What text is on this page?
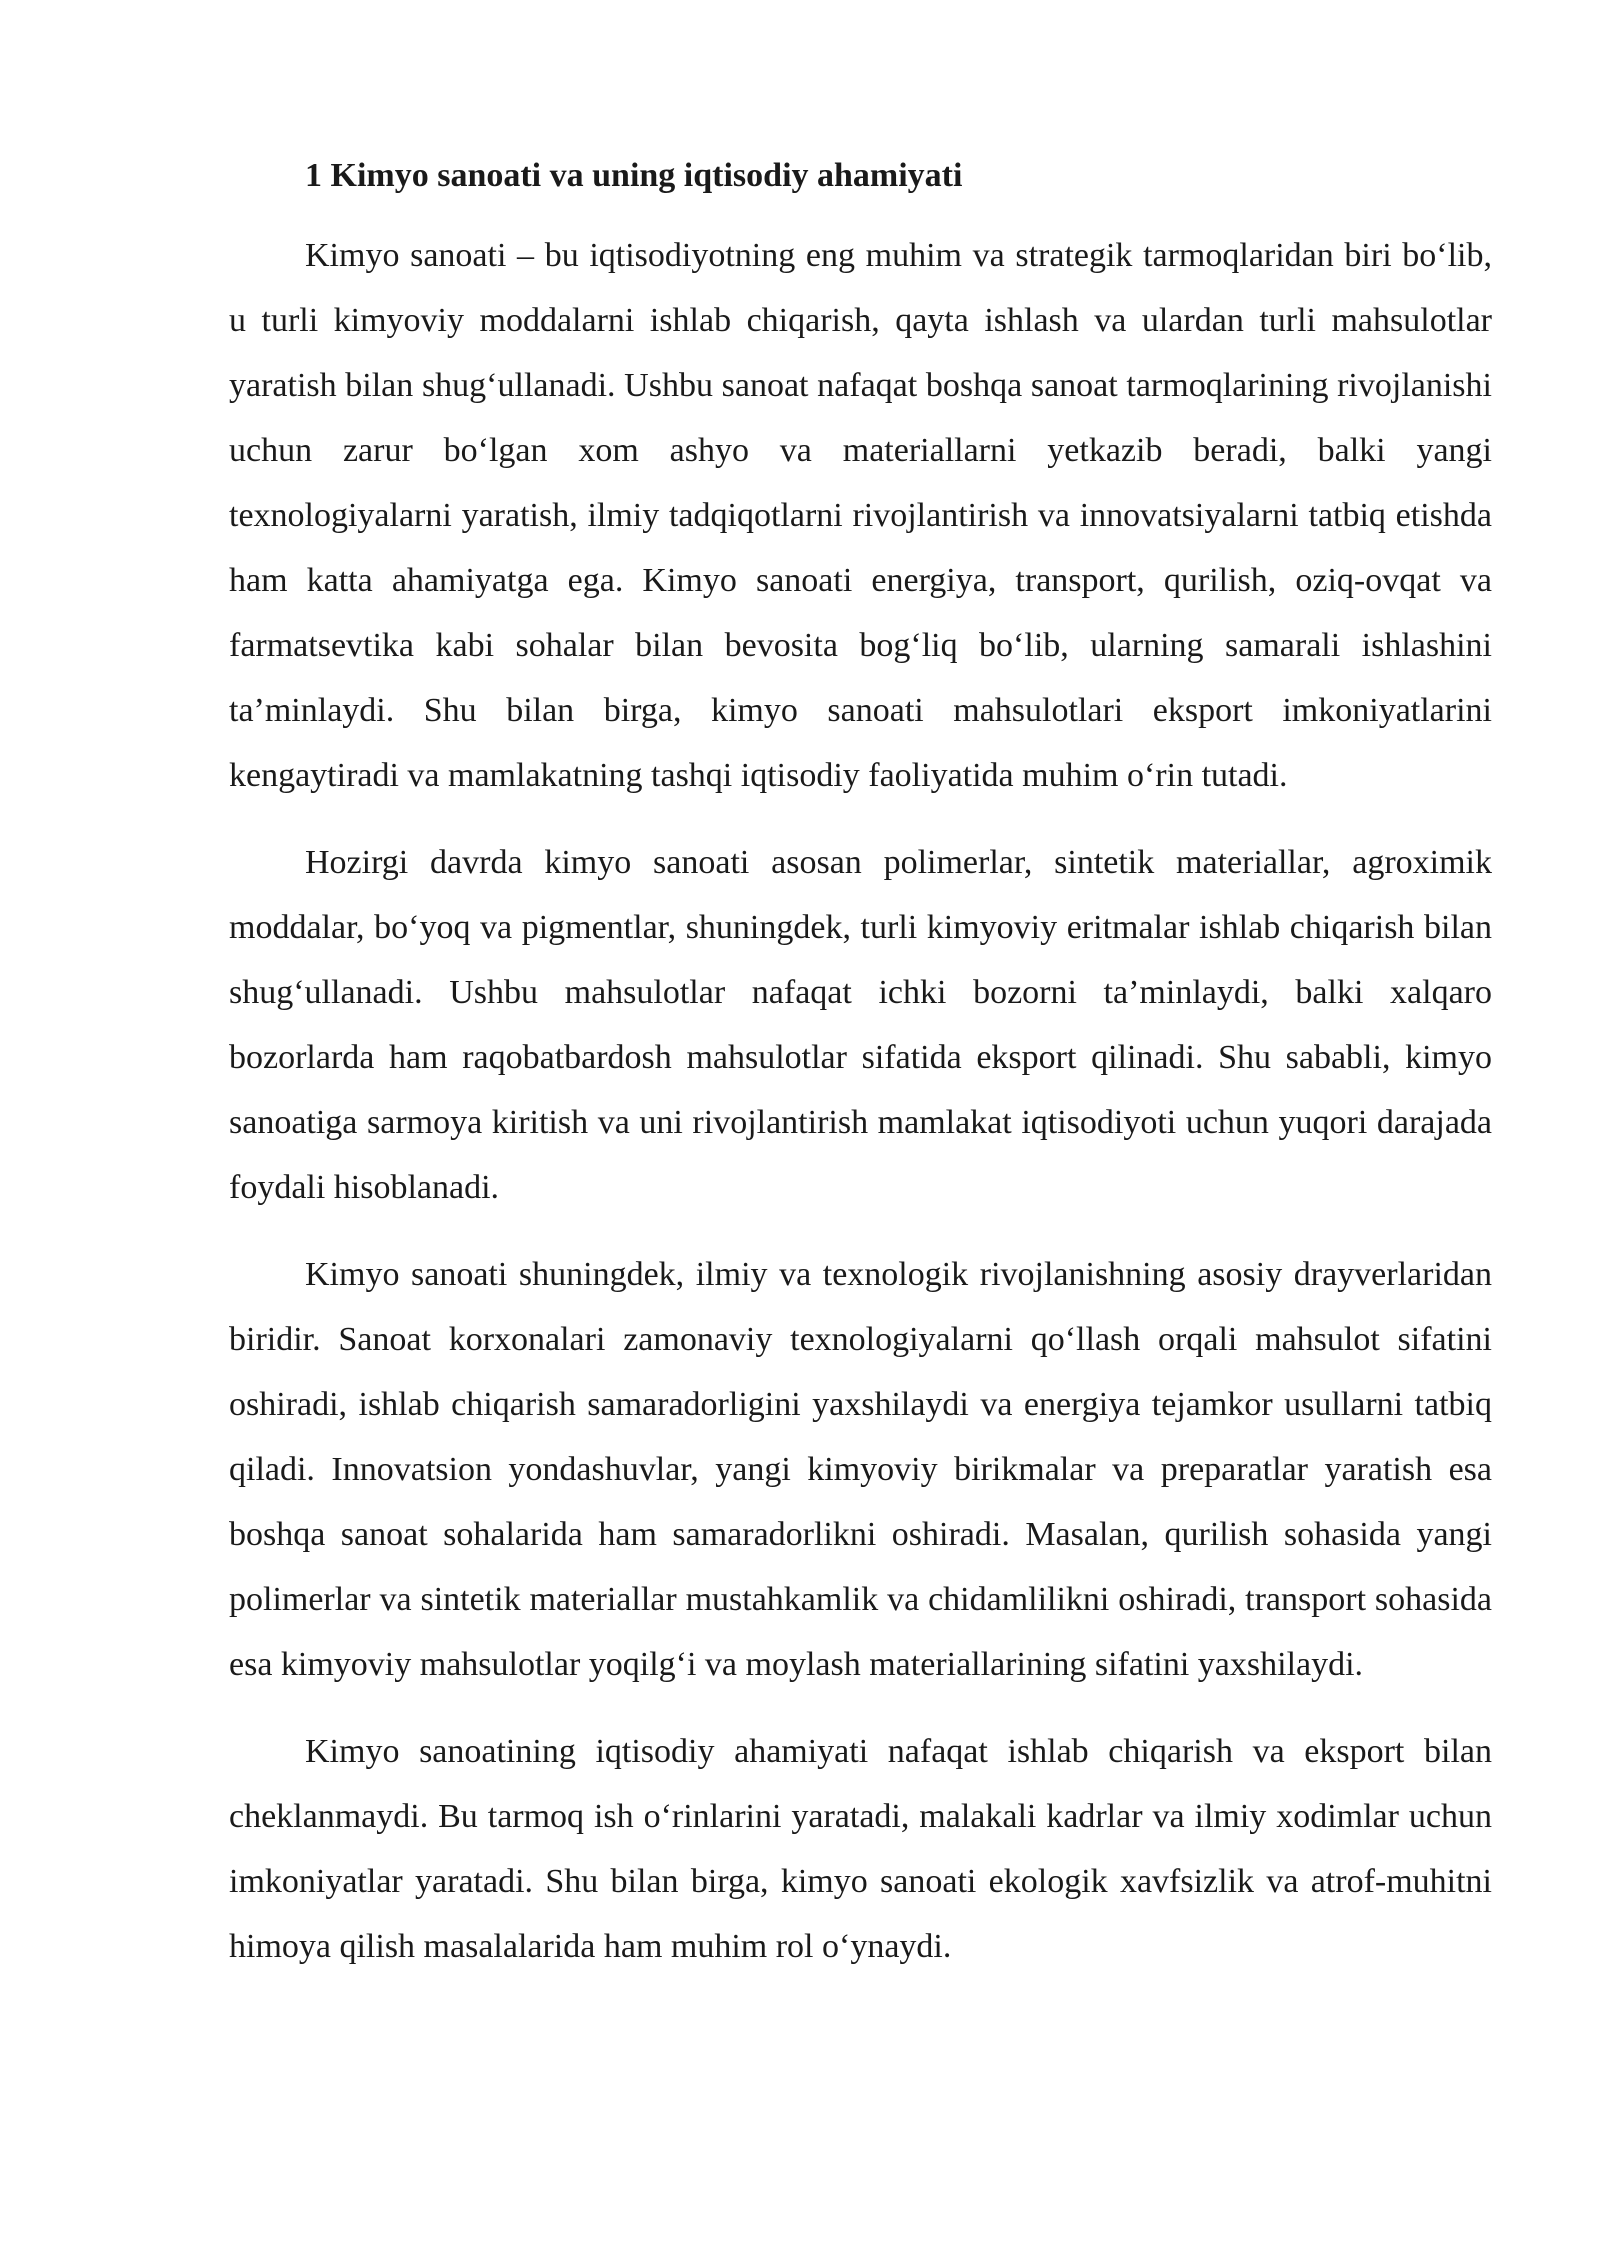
1 Kimyo sanoati va uning iqtisodiy ahamiyati

Kimyo sanoati – bu iqtisodiyotning eng muhim va strategik tarmoqlaridan biri bo‘lib, u turli kimyoviy moddalarni ishlab chiqarish, qayta ishlash va ulardan turli mahsulotlar yaratish bilan shug‘ullanadi. Ushbu sanoat nafaqat boshqa sanoat tarmoqlarining rivojlanishi uchun zarur bo‘lgan xom ashyo va materiallarni yetkazib beradi, balki yangi texnologiyalarni yaratish, ilmiy tadqiqotlarni rivojlantirish va innovatsiyalarni tatbiq etishda ham katta ahamiyatga ega. Kimyo sanoati energiya, transport, qurilish, oziq-ovqat va farmatsevtika kabi sohalar bilan bevosita bog‘liq bo‘lib, ularning samarali ishlashini ta’minlaydi. Shu bilan birga, kimyo sanoati mahsulotlari eksport imkoniyatlarini kengaytiradi va mamlakatning tashqi iqtisodiy faoliyatida muhim o‘rin tutadi.

Hozirgi davrda kimyo sanoati asosan polimerlar, sintetik materiallar, agroximik moddalar, bo‘yoq va pigmentlar, shuningdek, turli kimyoviy eritmalar ishlab chiqarish bilan shug‘ullanadi. Ushbu mahsulotlar nafaqat ichki bozorni ta’minlaydi, balki xalqaro bozorlarda ham raqobatbardosh mahsulotlar sifatida eksport qilinadi. Shu sababli, kimyo sanoatiga sarmoya kiritish va uni rivojlantirish mamlakat iqtisodiyoti uchun yuqori darajada foydali hisoblanadi.

Kimyo sanoati shuningdek, ilmiy va texnologik rivojlanishning asosiy drayverlaridan biridir. Sanoat korxonalari zamonaviy texnologiyalarni qo‘llash orqali mahsulot sifatini oshiradi, ishlab chiqarish samaradorligini yaxshilaydi va energiya tejamkor usullarni tatbiq qiladi. Innovatsion yondashuvlar, yangi kimyoviy birikmalar va preparatlar yaratish esa boshqa sanoat sohalarida ham samaradorlikni oshiradi. Masalan, qurilish sohasida yangi polimerlar va sintetik materiallar mustahkamlik va chidamlilikni oshiradi, transport sohasida esa kimyoviy mahsulotlar yoqilg‘i va moylash materiallarining sifatini yaxshilaydi.

Kimyo sanoatining iqtisodiy ahamiyati nafaqat ishlab chiqarish va eksport bilan cheklanmaydi. Bu tarmoq ish o‘rinlarini yaratadi, malakali kadrlar va ilmiy xodimlar uchun imkoniyatlar yaratadi. Shu bilan birga, kimyo sanoati ekologik xavfsizlik va atrof-muhitni himoya qilish masalalarida ham muhim rol o‘ynaydi.
